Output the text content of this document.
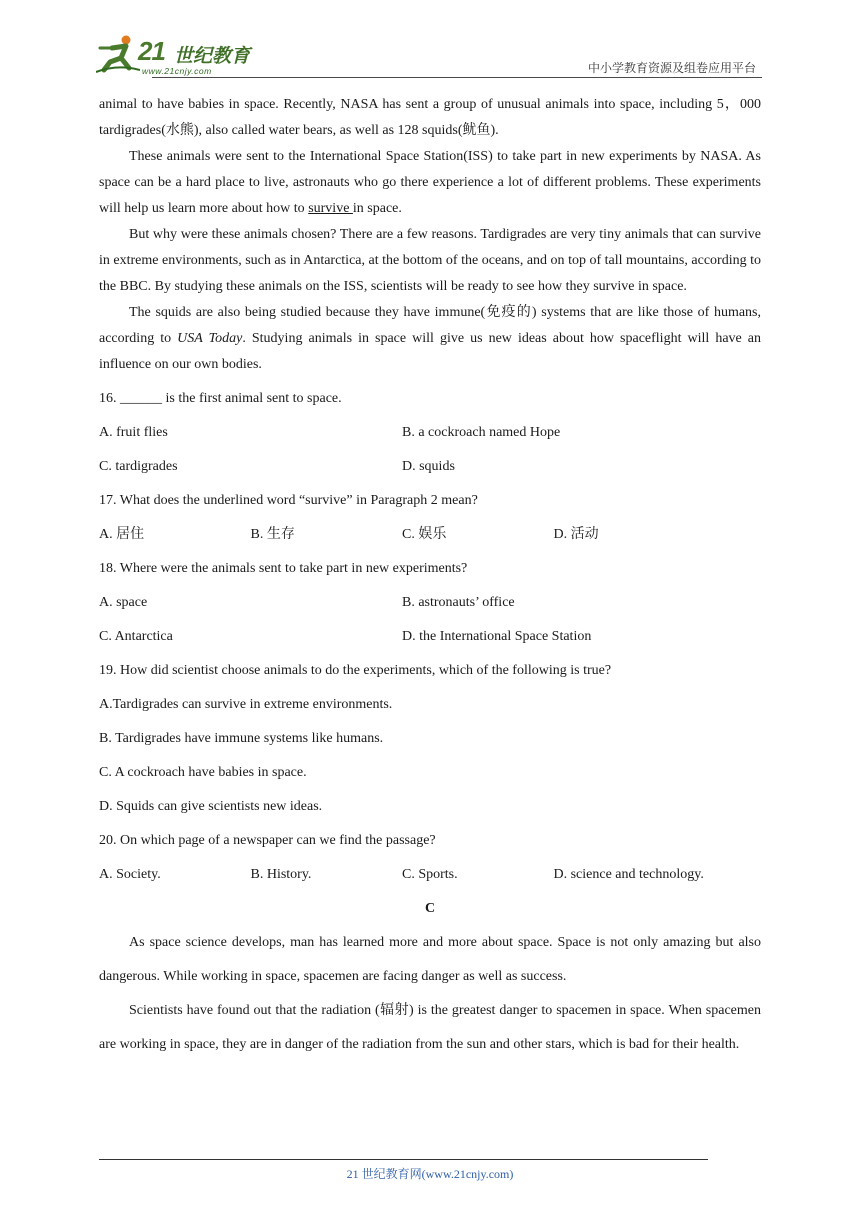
21 世纪教育
www.21cnjy.com	中小学教育资源及组卷应用平台

animal to have babies in space. Recently, NASA has sent a group of unusual animals into space, including 5，000 tardigrades(水熊), also called water bears, as well as 128 squids(鱿鱼).

These animals were sent to the International Space Station(ISS) to take part in new experiments by NASA. As space can be a hard place to live, astronauts who go there experience a lot of different problems. These experiments will help us learn more about how to survive in space.

But why were these animals chosen? There are a few reasons. Tardigrades are very tiny animals that can survive in extreme environments, such as in Antarctica, at the bottom of the oceans, and on top of tall mountains, according to the BBC. By studying these animals on the ISS, scientists will be ready to see how they survive in space.

The squids are also being studied because they have immune(免疫的) systems that are like those of humans, according to USA Today. Studying animals in space will give us new ideas about how spaceflight will have an influence on our own bodies.

16. ______ is the first animal sent to space.
A. fruit flies	B. a cockroach named Hope
C. tardigrades	D. squids
17. What does the underlined word “survive” in Paragraph 2 mean?
A. 居住	B. 生存	C. 娱乐	D. 活动
18. Where were the animals sent to take part in new experiments?
A. space	B. astronauts’ office
C. Antarctica	D. the International Space Station
19. How did scientist choose animals to do the experiments, which of the following is true?
A.Tardigrades can survive in extreme environments.
B. Tardigrades have immune systems like humans.
C. A cockroach have babies in space.
D. Squids can give scientists new ideas.
20. On which page of a newspaper can we find the passage?
A. Society.	B. History.	C. Sports.	D. science and technology.
C

As space science develops, man has learned more and more about space. Space is not only amazing but also dangerous. While working in space, spacemen are facing danger as well as success.

Scientists have found out that the radiation (辐射) is the greatest danger to spacemen in space. When spacemen are working in space, they are in danger of the radiation from the sun and other stars, which is bad for their health.

21 世纪教育网(www.21cnjy.com)
